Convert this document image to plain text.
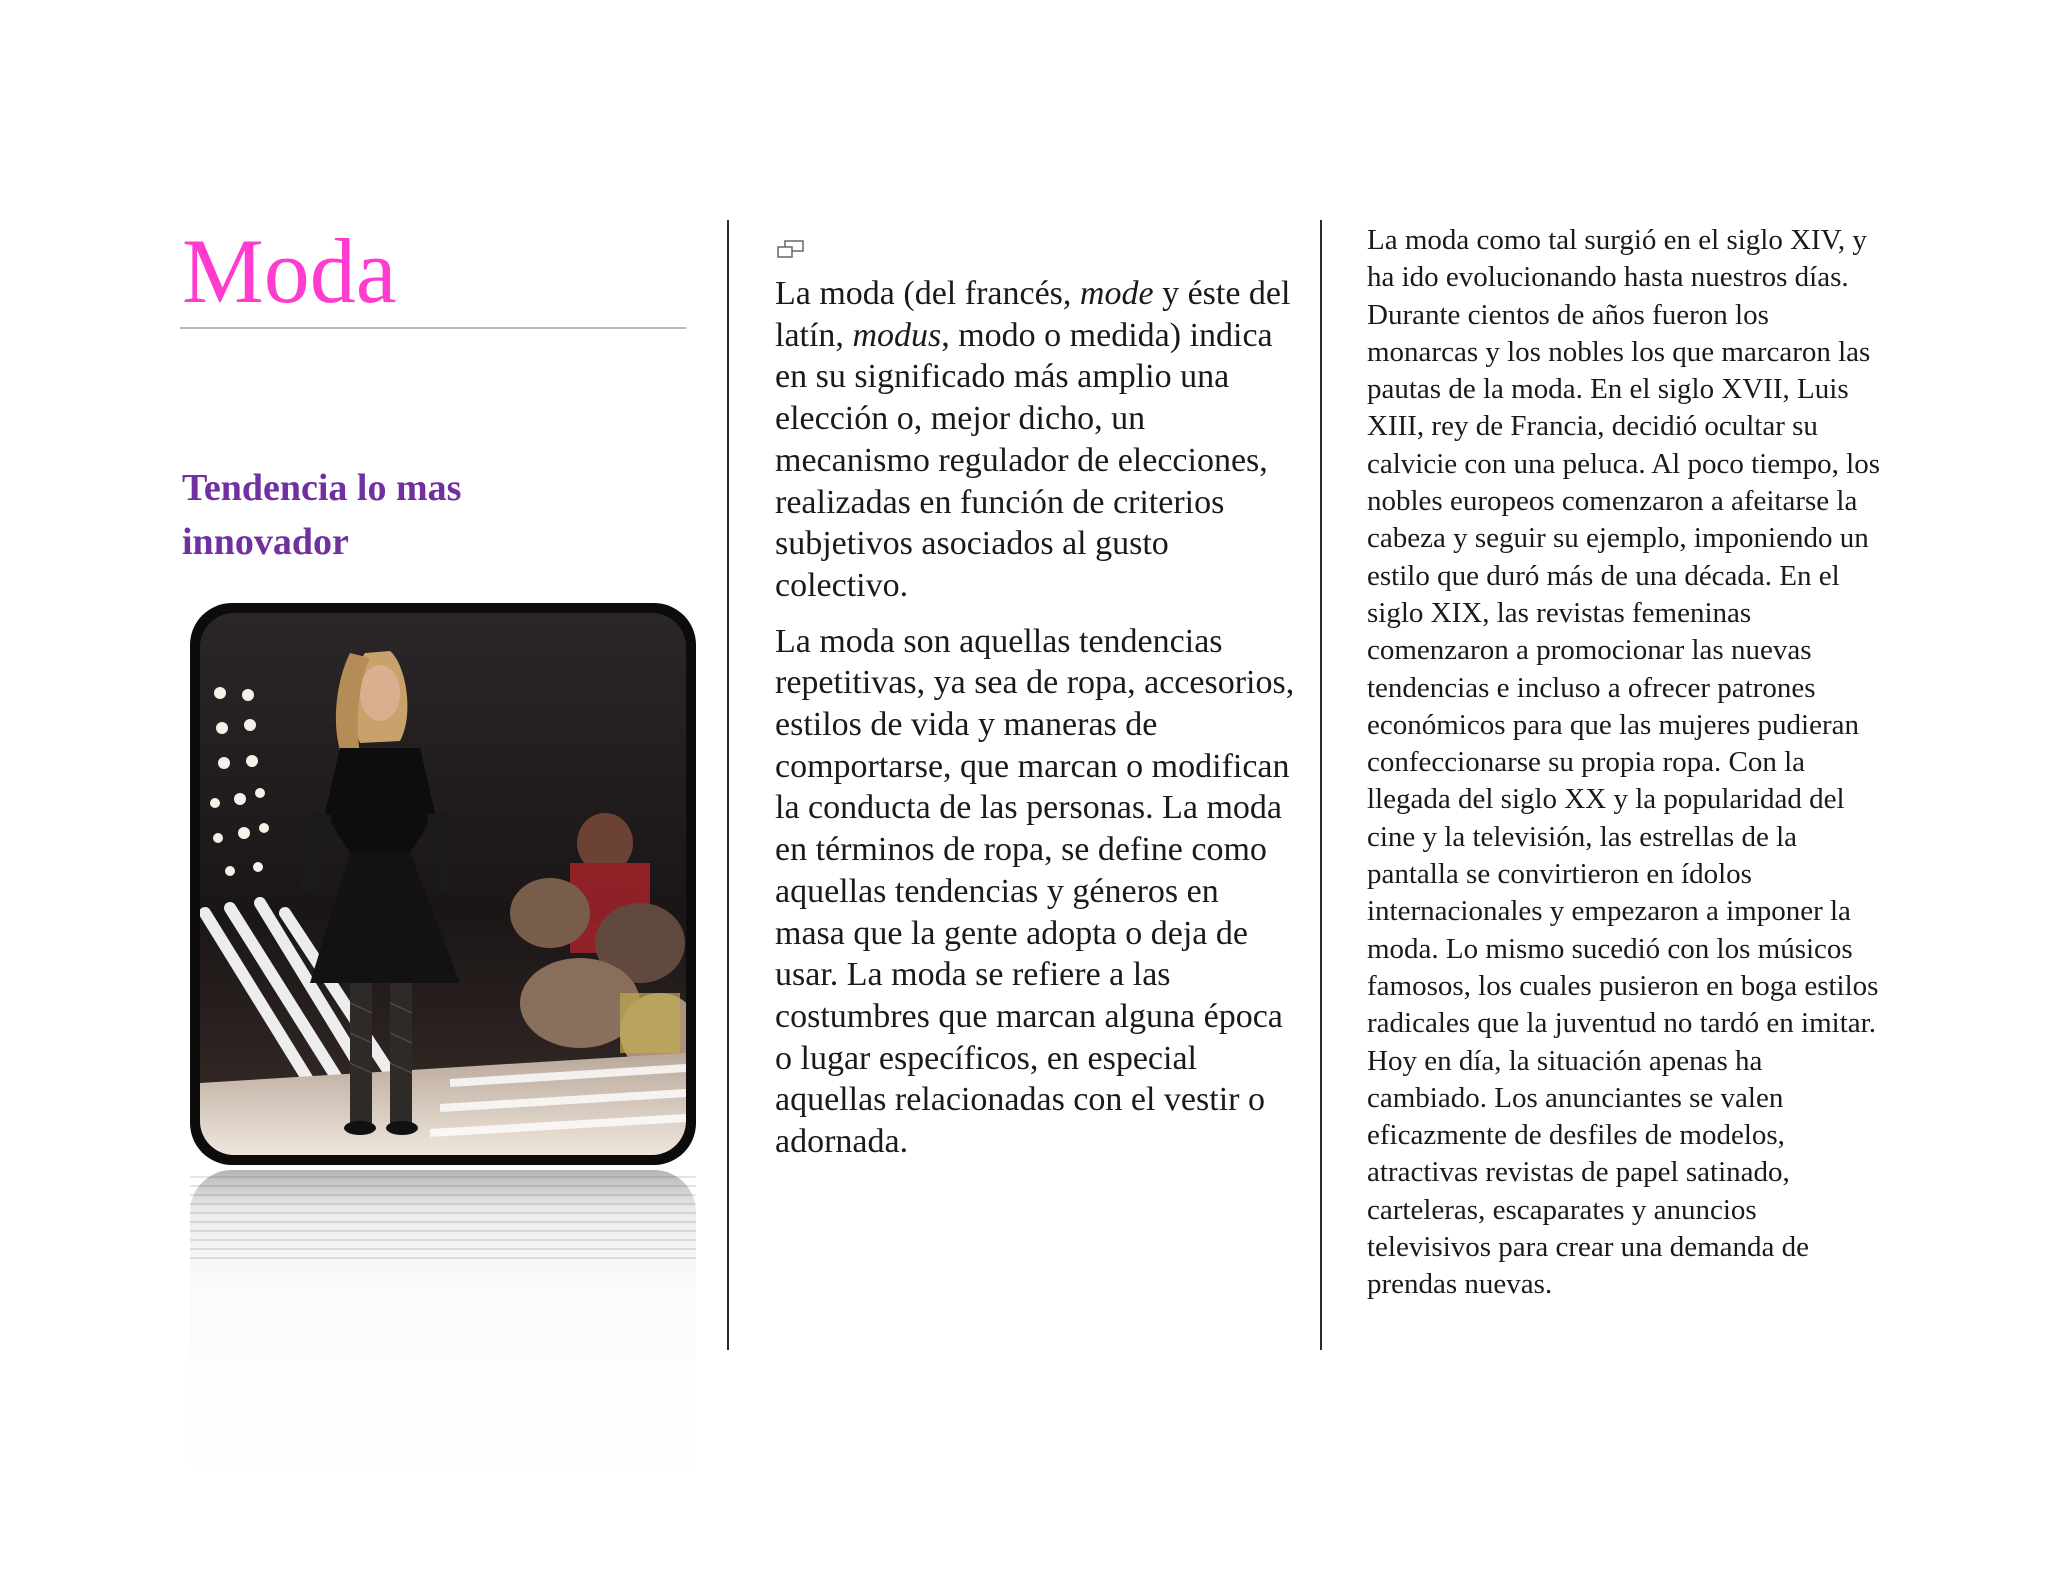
Moda
Tendencia lo mas innovador

La moda (del francés, mode y éste del latín, modus, modo o medida) indica en su significado más amplio una elección o, mejor dicho, un mecanismo regulador de elecciones, realizadas en función de criterios subjetivos asociados al gusto colectivo.

La moda son aquellas tendencias repetitivas, ya sea de ropa, accesorios, estilos de vida y maneras de comportarse, que marcan o modifican la conducta de las personas. La moda en términos de ropa, se define como aquellas tendencias y géneros en masa que la gente adopta o deja de usar. La moda se refiere a las costumbres que marcan alguna época o lugar específicos, en especial aquellas relacionadas con el vestir o adornada.

La moda como tal surgió en el siglo XIV, y ha ido evolucionando hasta nuestros días. Durante cientos de años fueron los monarcas y los nobles los que marcaron las pautas de la moda. En el siglo XVII, Luis XIII, rey de Francia, decidió ocultar su calvicie con una peluca. Al poco tiempo, los nobles europeos comenzaron a afeitarse la cabeza y seguir su ejemplo, imponiendo un estilo que duró más de una década. En el siglo XIX, las revistas femeninas comenzaron a promocionar las nuevas tendencias e incluso a ofrecer patrones económicos para que las mujeres pudieran confeccionarse su propia ropa. Con la llegada del siglo XX y la popularidad del cine y la televisión, las estrellas de la pantalla se convirtieron en ídolos internacionales y empezaron a imponer la moda. Lo mismo sucedió con los músicos famosos, los cuales pusieron en boga estilos radicales que la juventud no tardó en imitar. Hoy en día, la situación apenas ha cambiado. Los anunciantes se valen eficazmente de desfiles de modelos, atractivas revistas de papel satinado, carteleras, escaparates y anuncios televisivos para crear una demanda de prendas nuevas.
